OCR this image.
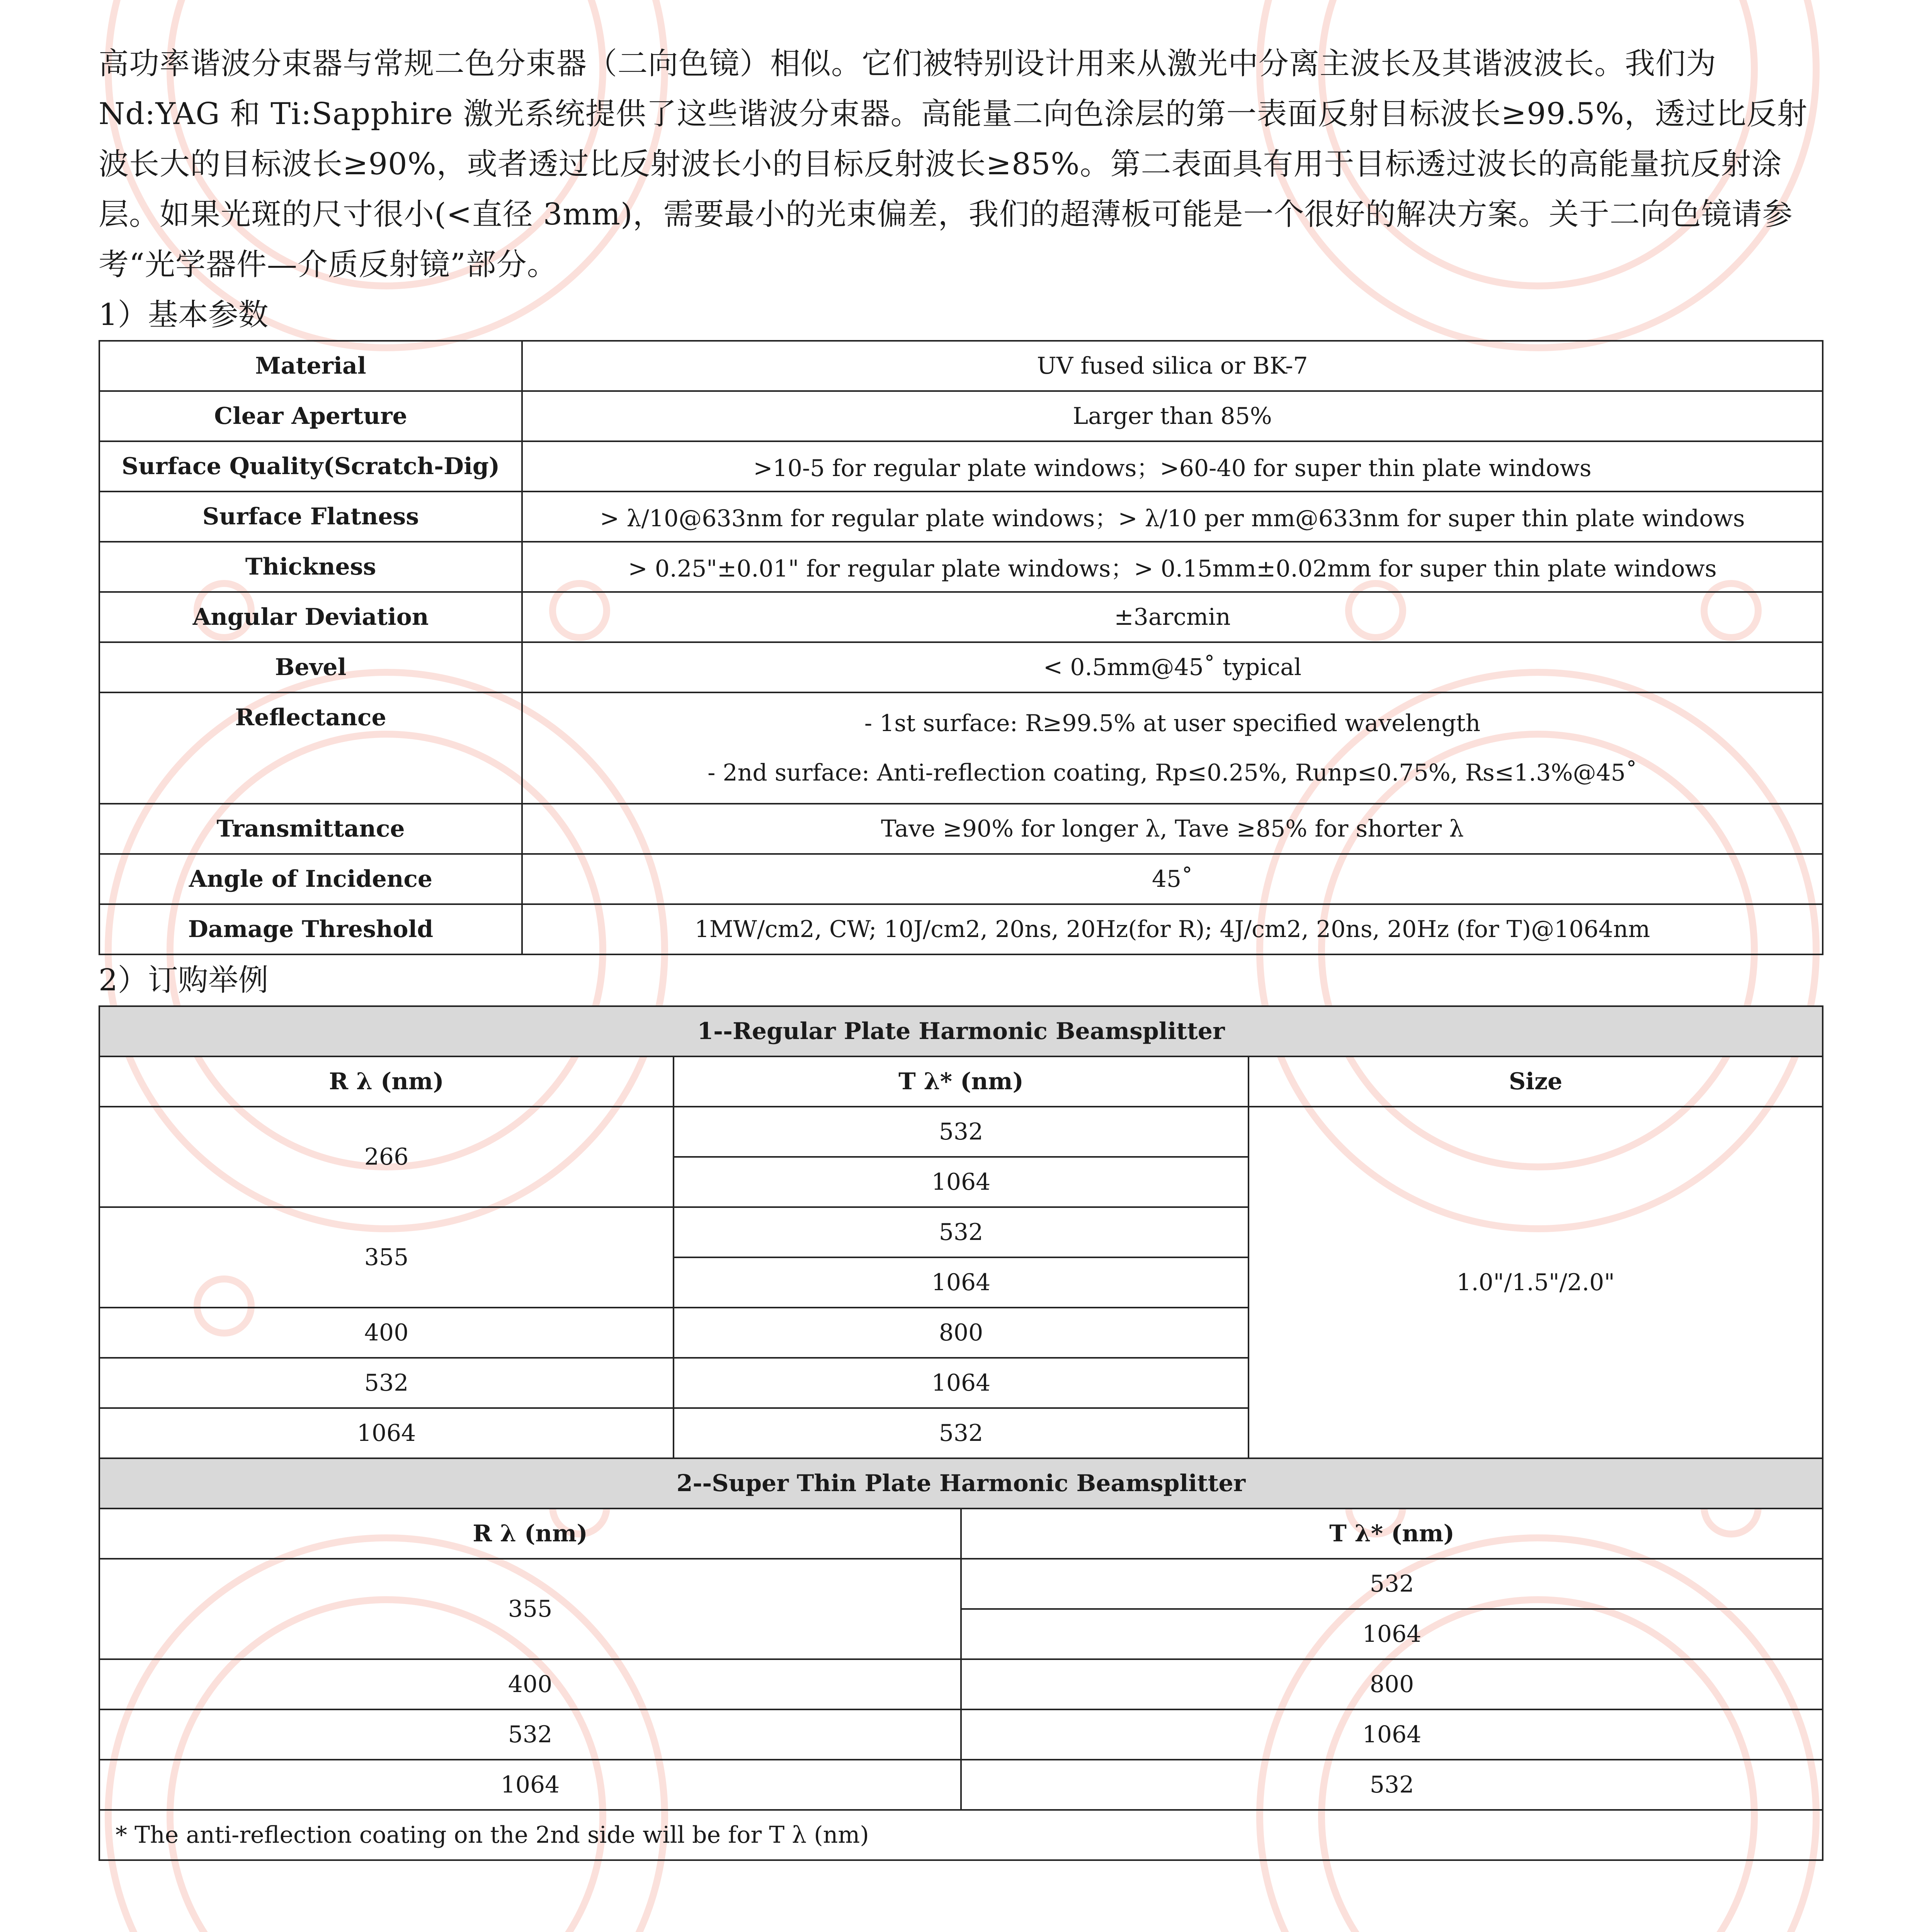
高功率谐波分束器与常规二色分束器（二向色镜）相似。它们被特别设计用来从激光中分离主波长及其谐波波长。我们为 Nd:YAG 和 Ti:Sapphire 激光系统提供了这些谐波分束器。高能量二向色涂层的第一表面反射目标波长≥99.5%，透过比反射波长大的目标波长≥90%，或者透过比反射波长小的目标反射波长≥85%。第二表面具有用于目标透过波长的高能量抗反射涂层。如果光斑的尺寸很小(<直径 3mm)，需要最小的光束偏差，我们的超薄板可能是一个很好的解决方案。关于二向色镜请参考“光学器件—介质反射镜”部分。

1）基本参数
Material	UV fused silica or BK-7
Clear Aperture	Larger than 85%
Surface Quality(Scratch-Dig)	>10-5 for regular plate windows；>60-40 for super thin plate windows
Surface Flatness	> λ/10@633nm for regular plate windows；> λ/10 per mm@633nm for super thin plate windows
Thickness	> 0.25"±0.01" for regular plate windows；> 0.15mm±0.02mm for super thin plate windows
Angular Deviation	±3arcmin
Bevel	< 0.5mm@45˚ typical
Reflectance	- 1st surface: R≥99.5% at user specified wavelength
- 2nd surface: Anti-reflection coating, Rp≤0.25%, Runp≤0.75%, Rs≤1.3%@45˚

Transmittance	Tave ≥90% for longer λ, Tave ≥85% for shorter λ
Angle of Incidence	45˚
Damage Threshold	1MW/cm2, CW; 10J/cm2, 20ns, 20Hz(for R); 4J/cm2, 20ns, 20Hz (for T)@1064nm
2）订购举例
1--Regular Plate Harmonic Beamsplitter			
R λ (nm)	T λ* (nm)		Size
266	532		1.0"/1.5"/2.0"
	1064		
355	532		
	1064		
400	800		
532	1064		
1064	532		
2--Super Thin Plate Harmonic Beamsplitter			
R λ (nm)		T λ* (nm)	
355		532	
		1064	
400		800	
532		1064	
1064		532	
* The anti-reflection coating on the 2nd side will be for T λ (nm)			
